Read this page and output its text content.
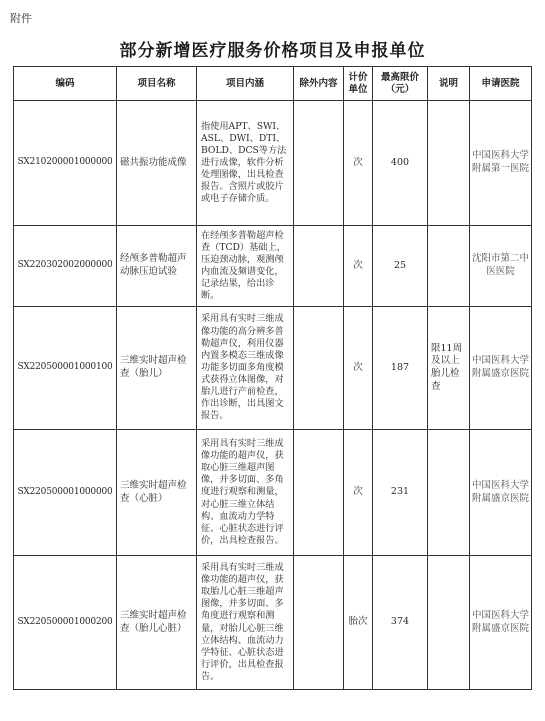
附件
部分新增医疗服务价格项目及申报单位
编码	项目名称	项目内涵	除外内容	计价单位	最高限价（元）	说明	申请医院
SX210200001000000	磁共振功能成像	指使用APT、SWI、ASL、DWI、DTI、BOLD、DCS等方法进行成像，软件分析处理图像，出具检查报告。含照片或胶片或电子存储介质。		次	400		中国医科大学附属第一医院
SX220302002000000	经颅多普勒超声动脉压迫试验	在经颅多普勒超声检查（TCD）基础上，压迫颈动脉，观测颅内血流及频谱变化，记录结果，给出诊断。		次	25		沈阳市第二中医医院
SX220500001000100	三维实时超声检查（胎儿）	采用具有实时三维成像功能的高分辨多普勒超声仪，利用仪器内置多模态三维成像功能多切面多角度模式获得立体图像，对胎儿进行产前检查，作出诊断，出具图文报告。		次	187	限11周及以上胎儿检查	中国医科大学附属盛京医院
SX220500001000000	三维实时超声检查（心脏）	采用具有实时三维成像功能的超声仪，获取心脏三维超声图像，并多切面、多角度进行观察和测量，对心脏三维立体结构、血流动力学特征、心脏状态进行评价，出具检查报告。		次	231		中国医科大学附属盛京医院
SX220500001000200	三维实时超声检查（胎儿心脏）	采用具有实时三维成像功能的超声仪，获取胎儿心脏三维超声图像，并多切面、多角度进行观察和测量，对胎儿心脏三维立体结构、血流动力学特征、心脏状态进行评价，出具检查报告。		胎次	374		中国医科大学附属盛京医院
